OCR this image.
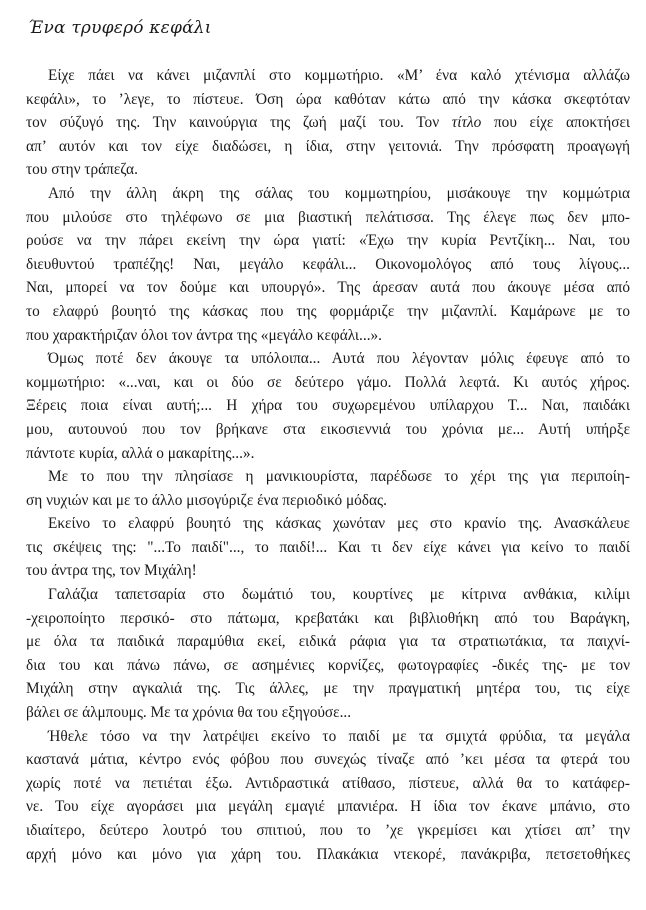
Ένα τρυφερό κεφάλι
Είχε πάει να κάνει μιζανπλί στο κομμωτήριο. «Μ’ ένα καλό χτένισμα αλλάζω
κεφάλι», το ’λεγε, το πίστευε. Όση ώρα καθόταν κάτω από την κάσκα σκεφτόταν
τον σύζυγό της. Την καινούργια της ζωή μαζί του. Τον τίτλο που είχε αποκτήσει
απ’ αυτόν και τον είχε διαδώσει, η ίδια, στην γειτονιά. Την πρόσφατη προαγωγή
του στην τράπεζα.
Από την άλλη άκρη της σάλας του κομμωτηρίου, μισάκουγε την κομμώτρια
που μιλούσε στο τηλέφωνο σε μια βιαστική πελάτισσα. Της έλεγε πως δεν μπο-
ρούσε να την πάρει εκείνη την ώρα γιατί: «Έχω την κυρία Ρεντζίκη... Ναι, του
διευθυντού τραπέζης! Ναι, μεγάλο κεφάλι... Οικονομολόγος από τους λίγους...
Ναι, μπορεί να τον δούμε και υπουργό». Της άρεσαν αυτά που άκουγε μέσα από
το ελαφρύ βουητό της κάσκας που της φορμάριζε την μιζανπλί. Καμάρωνε με το
που χαρακτήριζαν όλοι τον άντρα της «μεγάλο κεφάλι...».
Όμως ποτέ δεν άκουγε τα υπόλοιπα... Αυτά που λέγονταν μόλις έφευγε από το
κομμωτήριο: «...ναι, και οι δύο σε δεύτερο γάμο. Πολλά λεφτά. Κι αυτός χήρος.
Ξέρεις ποια είναι αυτή;... Η χήρα του συχωρεμένου υπίλαρχου Τ... Ναι, παιδάκι
μου, αυτουνού που τον βρήκανε στα εικοσιεννιά του χρόνια με... Αυτή υπήρξε
πάντοτε κυρία, αλλά ο μακαρίτης...».
Με το που την πλησίασε η μανικιουρίστα, παρέδωσε το χέρι της για περιποίη-
ση νυχιών και με το άλλο μισογύριζε ένα περιοδικό μόδας.
Εκείνο το ελαφρύ βουητό της κάσκας χωνόταν μες στο κρανίο της. Ανασκάλευε
τις σκέψεις της: "...Το παιδί"..., το παιδί!... Και τι δεν είχε κάνει για κείνο το παιδί
του άντρα της, τον Μιχάλη!
Γαλάζια ταπετσαρία στο δωμάτιό του, κουρτίνες με κίτρινα ανθάκια, κιλίμι
-χειροποίητο περσικό- στο πάτωμα, κρεβατάκι και βιβλιοθήκη από του Βαράγκη,
με όλα τα παιδικά παραμύθια εκεί, ειδικά ράφια για τα στρατιωτάκια, τα παιχνί-
δια του και πάνω πάνω, σε ασημένιες κορνίζες, φωτογραφίες -δικές της- με τον
Μιχάλη στην αγκαλιά της. Τις άλλες, με την πραγματική μητέρα του, τις είχε
βάλει σε άλμπουμς. Με τα χρόνια θα του εξηγούσε...
Ήθελε τόσο να την λατρέψει εκείνο το παιδί με τα σμιχτά φρύδια, τα μεγάλα
καστανά μάτια, κέντρο ενός φόβου που συνεχώς τίναζε από ’κει μέσα τα φτερά του
χωρίς ποτέ να πετιέται έξω. Αντιδραστικά ατίθασο, πίστευε, αλλά θα το κατάφερ-
νε. Του είχε αγοράσει μια μεγάλη εμαγιέ μπανιέρα. Η ίδια τον έκανε μπάνιο, στο
ιδιαίτερο, δεύτερο λουτρό του σπιτιού, που το ’χε γκρεμίσει και χτίσει απ’ την
αρχή μόνο και μόνο για χάρη του. Πλακάκια ντεκορέ, πανάκριβα, πετσετοθήκες
